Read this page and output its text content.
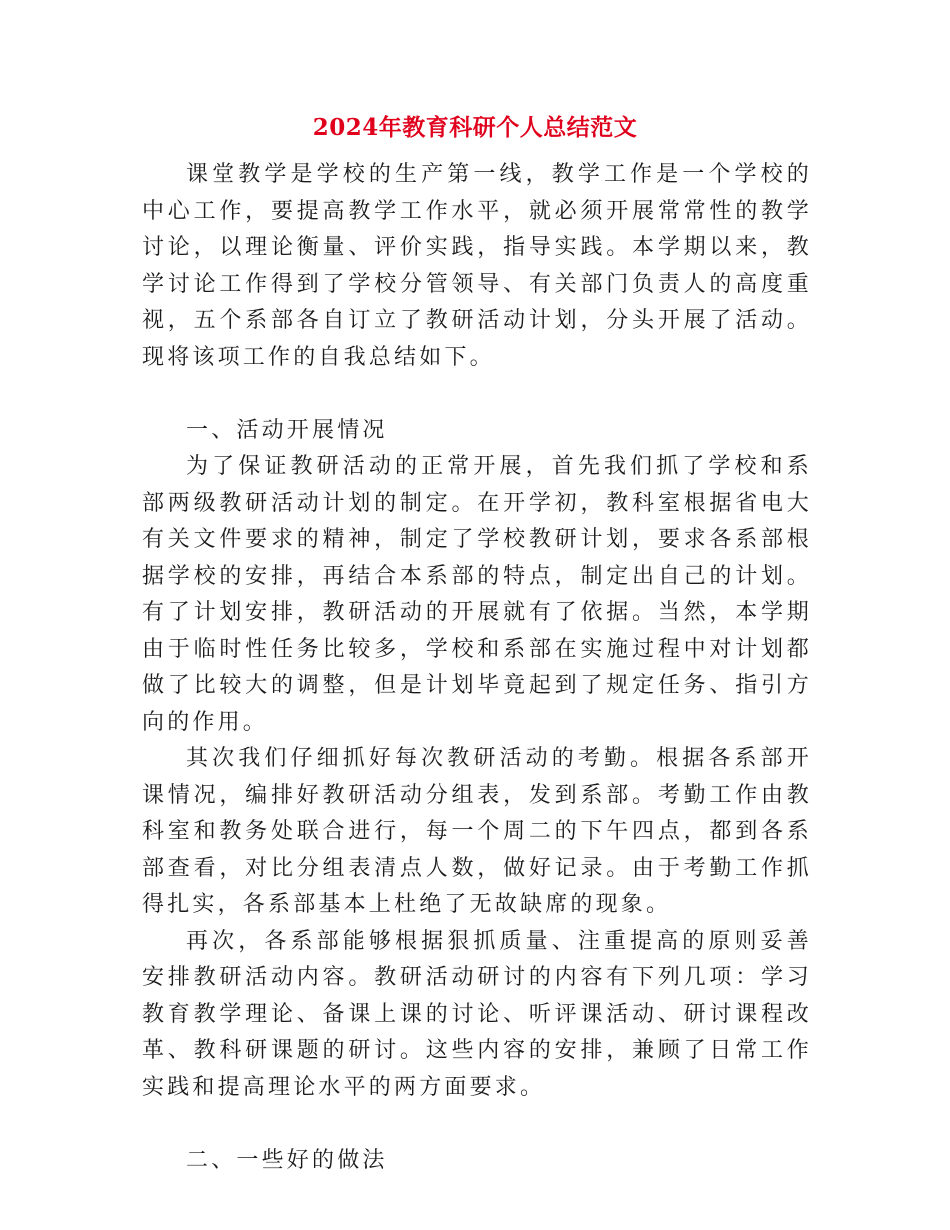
2024年教育科研个人总结范文

课堂教学是学校的生产第一线，教学工作是一个学校的中心工作，要提高教学工作水平，就必须开展常常性的教学讨论，以理论衡量、评价实践，指导实践。本学期以来，教学讨论工作得到了学校分管领导、有关部门负责人的高度重视，五个系部各自订立了教研活动计划，分头开展了活动。现将该项工作的自我总结如下。

一、活动开展情况

为了保证教研活动的正常开展，首先我们抓了学校和系部两级教研活动计划的制定。在开学初，教科室根据省电大有关文件要求的精神，制定了学校教研计划，要求各系部根据学校的安排，再结合本系部的特点，制定出自己的计划。有了计划安排，教研活动的开展就有了依据。当然，本学期由于临时性任务比较多，学校和系部在实施过程中对计划都做了比较大的调整，但是计划毕竟起到了规定任务、指引方向的作用。

其次我们仔细抓好每次教研活动的考勤。根据各系部开课情况，编排好教研活动分组表，发到系部。考勤工作由教科室和教务处联合进行，每一个周二的下午四点，都到各系部查看，对比分组表清点人数，做好记录。由于考勤工作抓得扎实，各系部基本上杜绝了无故缺席的现象。

再次，各系部能够根据狠抓质量、注重提高的原则妥善安排教研活动内容。教研活动研讨的内容有下列几项：学习教育教学理论、备课上课的讨论、听评课活动、研讨课程改革、教科研课题的研讨。这些内容的安排，兼顾了日常工作实践和提高理论水平的两方面要求。

二、一些好的做法
